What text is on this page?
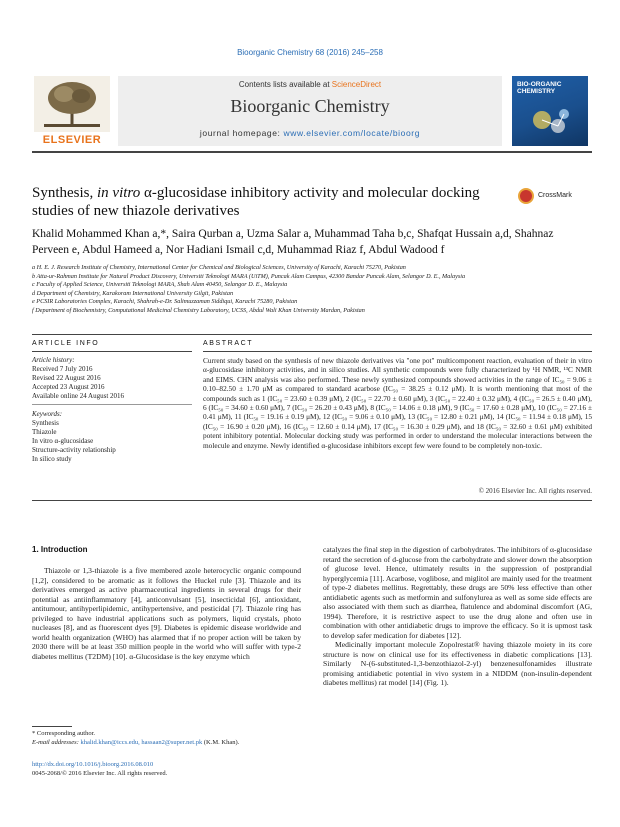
Bioorganic Chemistry 68 (2016) 245–258
ELSEVIER
Contents lists available at ScienceDirect
Bioorganic Chemistry
journal homepage: www.elsevier.com/locate/bioorg
BIO-ORGANIC CHEMISTRY
Synthesis, in vitro α-glucosidase inhibitory activity and molecular docking studies of new thiazole derivatives
CrossMark
Khalid Mohammed Khan a,*, Saira Qurban a, Uzma Salar a, Muhammad Taha b,c, Shafqat Hussain a,d, Shahnaz Perveen e, Abdul Hameed a, Nor Hadiani Ismail c,d, Muhammad Riaz f, Abdul Wadood f
a H. E. J. Research Institute of Chemistry, International Center for Chemical and Biological Sciences, University of Karachi, Karachi 75270, Pakistan
b Atta-ur-Rahman Institute for Natural Product Discovery, Universiti Teknologi MARA (UiTM), Puncak Alam Campus, 42300 Bandar Puncak Alam, Selangor D. E., Malaysia
c Faculty of Applied Science, Universiti Teknologi MARA, Shah Alam 40450, Selangor D. E., Malaysia
d Department of Chemistry, Karakoram International University Gilgit, Pakistan
e PCSIR Laboratories Complex, Karachi, Shahrah-e-Dr. Salimuzzaman Siddiqui, Karachi 75280, Pakistan
f Department of Biochemistry, Computational Medicinal Chemistry Laboratory, UCSS, Abdul Wali Khan University Mardan, Pakistan
ARTICLE INFO	ABSTRACT
Article history:
Received 7 July 2016
Revised 22 August 2016
Accepted 23 August 2016
Available online 24 August 2016
Keywords:
Synthesis
Thiazole
In vitro α-glucosidase
Structure-activity relationship
In silico study
Current study based on the synthesis of new thiazole derivatives via "one pot" multicomponent reaction, evaluation of their in vitro α-glucosidase inhibitory activities, and in silico studies. All synthetic compounds were fully characterized by ¹H NMR, ¹³C NMR and EIMS. CHN analysis was also performed. These newly synthesized compounds showed activities in the range of IC₅₀ = 9.06 ± 0.10–82.50 ± 1.70 μM as compared to standard acarbose (IC₅₀ = 38.25 ± 0.12 μM). It is worth mentioning that most of the compounds such as 1 (IC₅₀ = 23.60 ± 0.39 μM), 2 (IC₅₀ = 22.70 ± 0.60 μM), 3 (IC₅₀ = 22.40 ± 0.32 μM), 4 (IC₅₀ = 26.5 ± 0.40 μM), 6 (IC₅₀ = 34.60 ± 0.60 μM), 7 (IC₅₀ = 26.20 ± 0.43 μM), 8 (IC₅₀ = 14.06 ± 0.18 μM), 9 (IC₅₀ = 17.60 ± 0.28 μM), 10 (IC₅₀ = 27.16 ± 0.41 μM), 11 (IC₅₀ = 19.16 ± 0.19 μM), 12 (IC₅₀ = 9.06 ± 0.10 μM), 13 (IC₅₀ = 12.80 ± 0.21 μM), 14 (IC₅₀ = 11.94 ± 0.18 μM), 15 (IC₅₀ = 16.90 ± 0.20 μM), 16 (IC₅₀ = 12.60 ± 0.14 μM), 17 (IC₅₀ = 16.30 ± 0.29 μM), and 18 (IC₅₀ = 32.60 ± 0.61 μM) exhibited potent inhibitory potential. Molecular docking study was performed in order to understand the molecular interactions between the molecule and enzyme. Newly identified α-glucosidase inhibitors except few were found to be completely non-toxic.
© 2016 Elsevier Inc. All rights reserved.
1. Introduction

Thiazole or 1,3-thiazole is a five membered azole heterocyclic organic compound [1,2], considered to be aromatic as it follows the Huckel rule [3]. Thiazole and its derivatives emerged as active pharmaceutical ingredients in several drugs for their potential as antiinflammatory [4], anticonvulsant [5], insecticidal [6], antioxidant, antitumour, antihyperlipidemic, antihypertensive, and pesticidal [7]. Thiazole ring has privileged to have industrial applications such as polymers, liquid crystals, photo nucleases [8], and as fluorescent dyes [9]. Diabetes is epidemic disease worldwide and world health organization (WHO) has alarmed that if no proper action will be taken by 2030 there will be at least 350 million people in the world who will suffer with type-2 diabetes mellitus (T2DM) [10]. α-Glucosidase is the key enzyme which

catalyzes the final step in the digestion of carbohydrates. The inhibitors of α-glucosidase retard the secretion of d-glucose from the carbohydrate and slower down the absorption of glucose level. Hence, ultimately results in the suppression of postprandial hyperglycemia [11]. Acarbose, voglibose, and miglitol are mainly used for the treatment of type-2 diabetes mellitus. Regrettably, these drugs are 50% less effective than other antidiabetic agents such as metformin and sulfonylurea as well as some side effects are also associated with them such as diarrhea, flatulence and abdominal discomfort (AG, 1994). Therefore, it is restrictive aspect to use the drug alone and often use in combination with other antidiabetic drugs to improve the efficacy. So it is upmost task to develop safer medication for diabetes [12].

Medicinally important molecule Zopolrestat® having thiazole moiety in its core structure is now on clinical use for its effectiveness in diabetic complications [13]. Similarly N-(6-substituted-1,3-benzothiazol-2-yl) benzenesulfonamides illustrate promising antidiabetic potential in vivo system in a NIDDM (non-insulin-dependent diabetes mellitus) rat model [14] (Fig. 1).

* Corresponding author.
E-mail addresses: khalid.khan@iccs.edu, hassaan2@super.net.pk (K.M. Khan).
http://dx.doi.org/10.1016/j.bioorg.2016.08.010
0045-2068/© 2016 Elsevier Inc. All rights reserved.
